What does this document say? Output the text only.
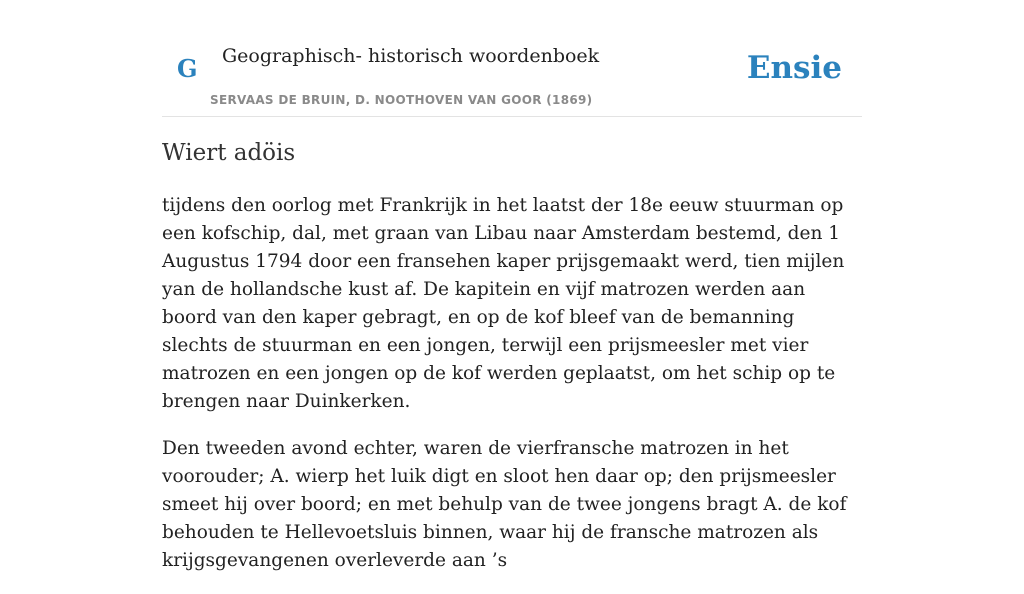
G Geographisch- historisch woordenboek
SERVAAS DE BRUIN, D. NOOTHOVEN VAN GOOR (1869)
Ensie
Wiert adöis

tijdens den oorlog met Frankrijk in het laatst der 18e eeuw stuurman op een kofschip, dal, met graan van Libau naar Amsterdam bestemd, den 1 Augustus 1794 door een fransehen kaper prijsgemaakt werd, tien mijlen yan de hollandsche kust af. De kapitein en vijf matrozen werden aan boord van den kaper gebragt, en op de kof bleef van de bemanning slechts de stuurman en een jongen, terwijl een prijsmeesler met vier matrozen en een jongen op de kof werden geplaatst, om het schip op te brengen naar Duinkerken.

Den tweeden avond echter, waren de vierfransche matrozen in het voorouder; A. wierp het luik digt en sloot hen daar op; den prijsmeesler smeet hij over boord; en met behulp van de twee jongens bragt A. de kof behouden te Hellevoetsluis binnen, waar hij de fransche matrozen als krijgsgevangenen overleverde aan ’s
